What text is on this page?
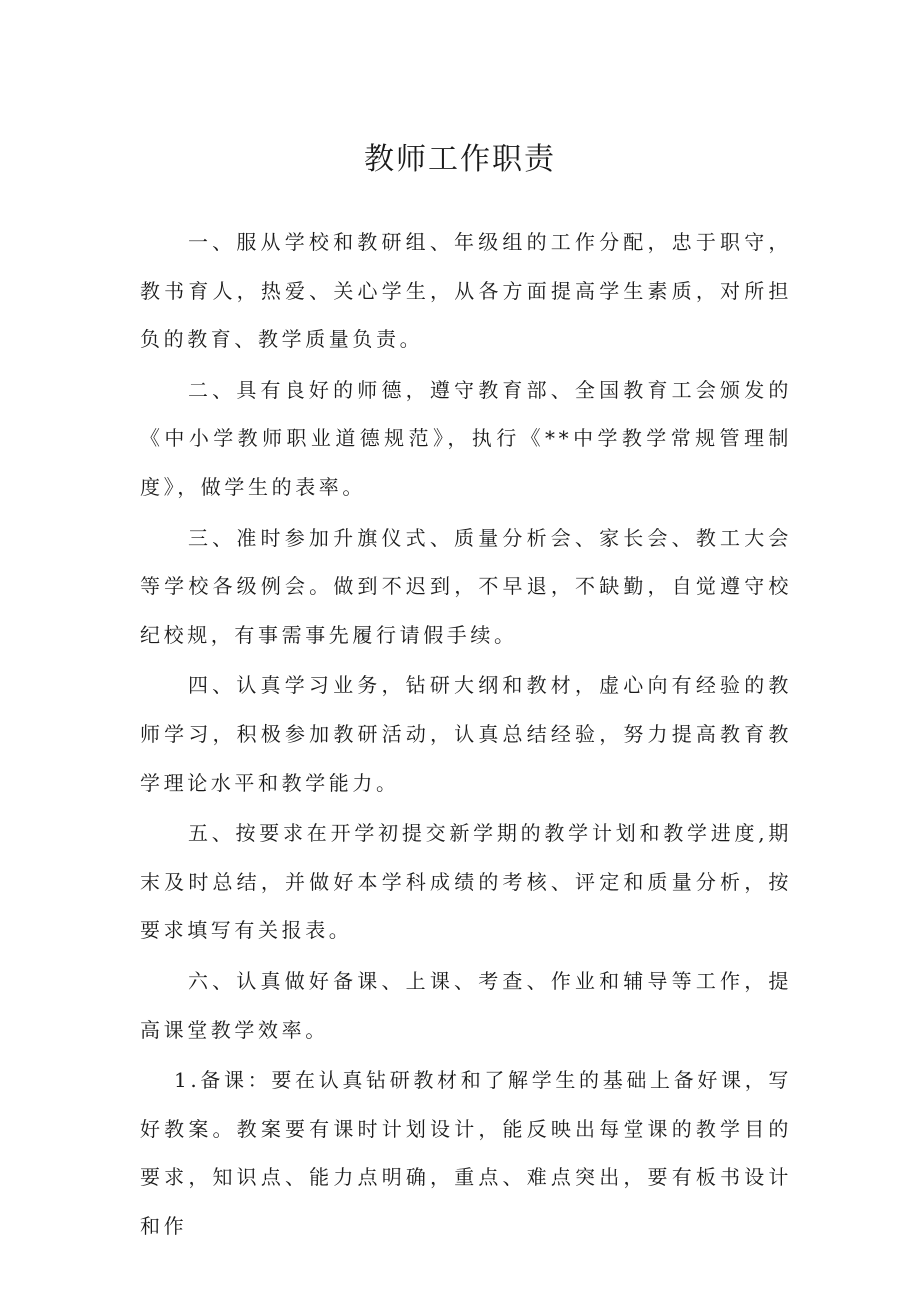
教师工作职责

一、服从学校和教研组、年级组的工作分配，忠于职守，教书育人，热爱、关心学生，从各方面提高学生素质，对所担负的教育、教学质量负责。

二、具有良好的师德，遵守教育部、全国教育工会颁发的《中小学教师职业道德规范》，执行《**中学教学常规管理制度》，做学生的表率。

三、准时参加升旗仪式、质量分析会、家长会、教工大会等学校各级例会。做到不迟到，不早退，不缺勤，自觉遵守校纪校规，有事需事先履行请假手续。

四、认真学习业务，钻研大纲和教材，虚心向有经验的教师学习，积极参加教研活动，认真总结经验，努力提高教育教学理论水平和教学能力。

五、按要求在开学初提交新学期的教学计划和教学进度,期末及时总结，并做好本学科成绩的考核、评定和质量分析，按要求填写有关报表。

六、认真做好备课、上课、考查、作业和辅导等工作，提高课堂教学效率。

1.备课：要在认真钻研教材和了解学生的基础上备好课，写好教案。教案要有课时计划设计，能反映出每堂课的教学目的要求，知识点、能力点明确，重点、难点突出，要有板书设计和作
